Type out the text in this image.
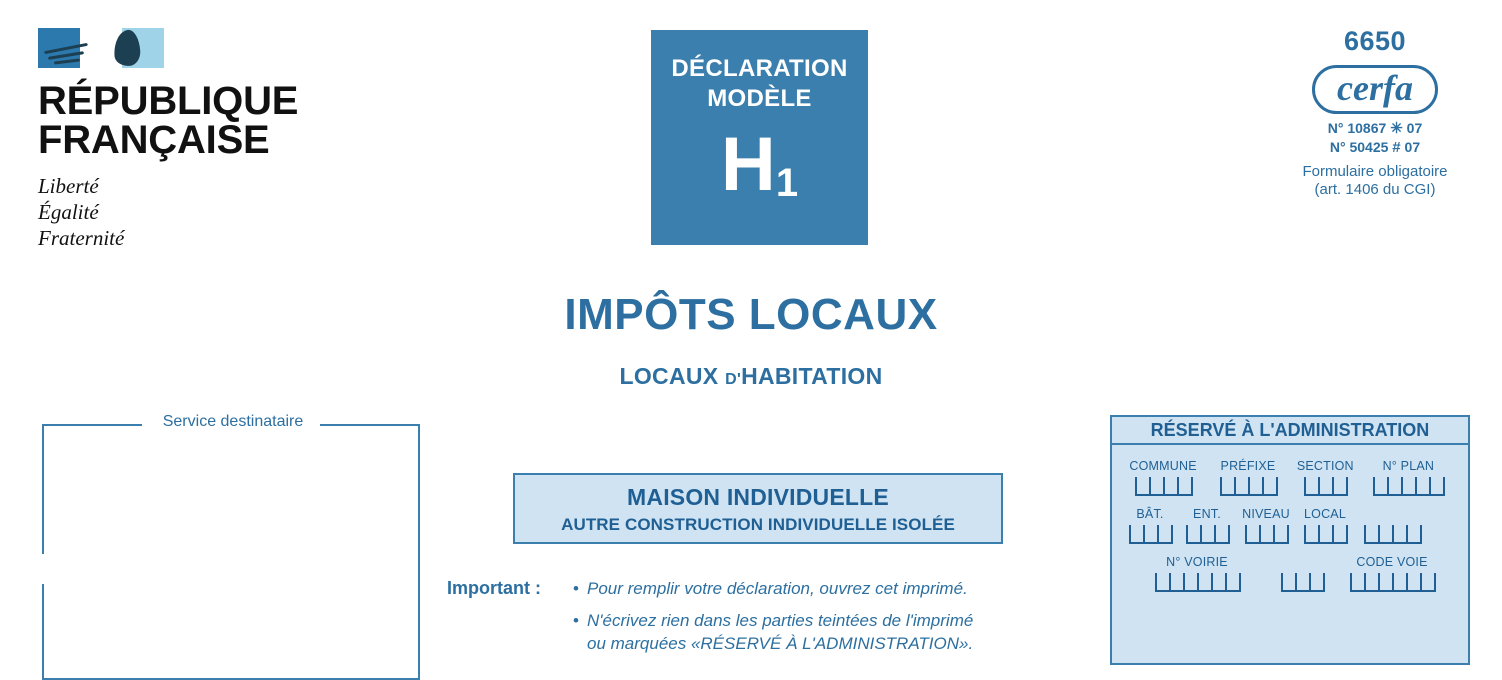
RÉPUBLIQUE
FRANÇAISE
Liberté
Égalité
Fraternité
DÉCLARATION
MODÈLE
$H_1$
IMPÔTS LOCAUX
LOCAUX D'HABITATION
6650
cerfa
N° 10867 ✳ 07
N° 50425 # 07
Formulaire obligatoire
(art. 1406 du CGI)
Service destinataire
MAISON INDIVIDUELLE
AUTRE CONSTRUCTION INDIVIDUELLE ISOLÉE
Important : • Pour remplir votre déclaration, ouvrez cet imprimé.
• N'écrivez rien dans les parties teintées de l'imprimé
ou marquées «RÉSERVÉ À L'ADMINISTRATION».
RÉSERVÉ À L'ADMINISTRATION
COMMUNE	PRÉFIXE	SECTION	N° PLAN
BÂT.	ENT.	NIVEAU	LOCAL
N° VOIRIE	CODE VOIE
